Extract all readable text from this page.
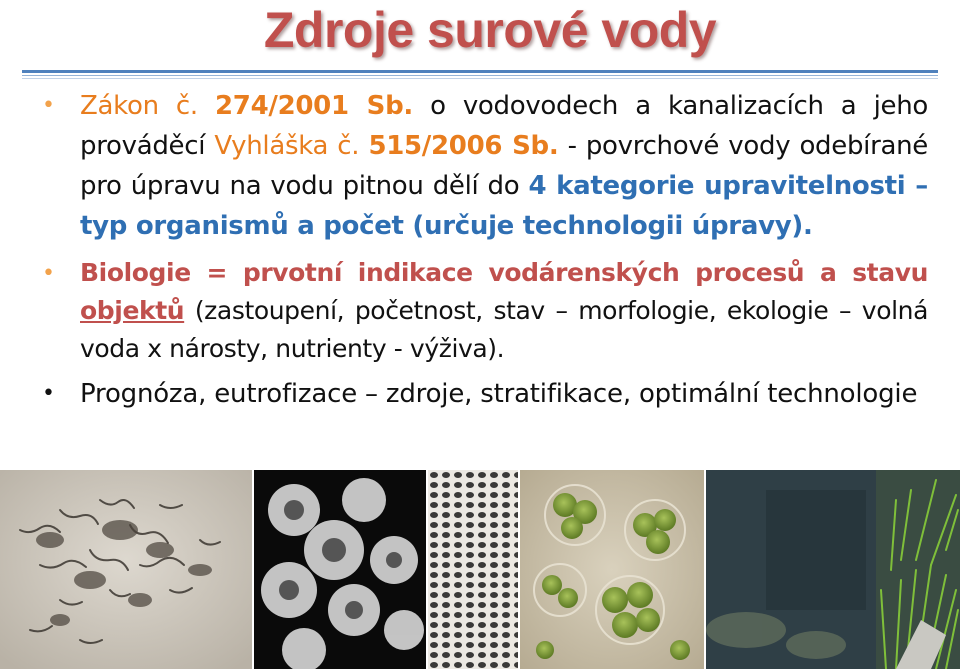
Zdroje surové vody
• Zákon č. 274/2001 Sb. o vodovodech a kanalizacích a jeho prováděcí Vyhláška č. 515/2006 Sb. - povrchové vody odebírané pro úpravu na vodu pitnou dělí do 4 kategorie upravitelnosti – typ organismů a počet (určuje technologii úpravy).
• Biologie = prvotní indikace vodárenských procesů a stavu objektů (zastoupení, početnost, stav – morfologie, ekologie – volná voda x nárosty, nutrienty - výživa).
• Prognóza, eutrofizace – zdroje, stratifikace, optimální technologie
